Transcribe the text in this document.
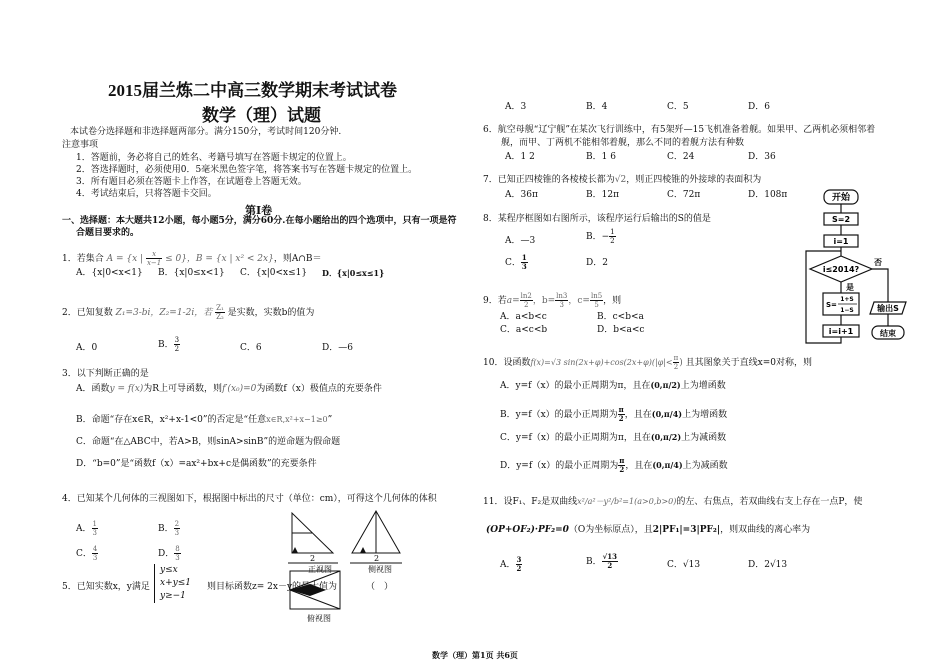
2015届兰炼二中高三数学期末考试试卷
数学（理）试题
本试卷分选择题和非选择题两部分。满分150分，考试时间120分钟.
注意事项
1．答题前，务必将自己的姓名、考籍号填写在答题卡规定的位置上。
2．答选择题时，必须使用0．5毫米黑色签字笔，将答案书写在答题卡规定的位置上。
3．所有题目必须在答题卡上作答，在试题卷上答题无效。
4．考试结束后，只将答题卡交回。
第Ⅰ卷
一、选择题：本大题共12小题，每小题5分，满分60分.在每小题给出的四个选项中，只有一项是符
合题目要求的。
1．若集合 A = {x | $\frac{x}{x-1} \le 0$}，B = {x | x² < 2x}，则A∩B＝
A．{x|0<x<1} B．{x|0≤x<1} C．{x|0<x≤1} D．{x|0≤x≤1}
2．已知复数 Z₁=3-bi，Z₂=1-2i，若 $\frac{\text{Z₁}}{\text{Z₂}}$ 是实数，实数b的值为
A．0	B． $\frac{3}{2}$	C．6	D．—6
3．以下判断正确的是
A．函数y = f(x)为R上可导函数，则f′(x₀)=0为函数f（x）极值点的充要条件
B．命题“存在x∈R，x²+x-1<0”的否定是“任意x∈R,x²+x−1≥0”
C．命题“在△ABC中，若A>B，则sinA>sinB”的逆命题为假命题
D．“b=0”是“函数f（x）=ax²+bx+c是偶函数”的充要条件
4．已知某个几何体的三视图如下，根据图中标出的尺寸（单位：cm），可得这个几何体的体积
A． $\frac{1}{3}$	B． $\frac{2}{3}$
C． $\frac{4}{3}$	D． $\frac{8}{3}$
正视图	侧视图
俯视图
2	2
5．已知实数x，y满足
y≤x
x+y≤1
y≥−1
则目标函数z= 2x－y的最大值为	（　）
A．3	B．4	C．5	D．6
6．航空母舰“辽宁舰”在某次飞行训练中，有5架歼—15飞机准备着舰。如果甲、乙两机必须相邻着
舰，而甲、丁两机不能相邻着舰，那么不同的着舰方法有种数
A．1 2	B．1 6	C．24	D．36
7．已知正四棱锥的各棱棱长都为√2，则正四棱锥的外接球的表面积为
A．36π	B．12π	C．72π	D．108π
8．某程序框图如右图所示，该程序运行后输出的S的值是
A．—3	B．− $\frac{1}{2}$
C． $\frac{1}{3}$	D．2
9．若$a= \frac{\ln 2}{2}$ ，$b= \frac{\ln 3}{3}$ ，$c= \frac{\ln 5}{5}$ ，则
A．a<b<c	B．c<b<a
C．a<c<b	D．b<a<c
10．设函数f(x)=√3 $\sin(2x+\varphi)+\cos(2x+\varphi)(|\varphi|< \frac{\pi}{2}$ ) 且其图象关于直线x=0对称，则
A．y=f（x）的最小正周期为π，且在(0,π/2)上为增函数
B．y=f（x）的最小正周期为 $\frac{\pi}{2}$ ，且在(0,π/4)上为增函数
C．y=f（x）的最小正周期为π，且在(0,π/2)上为减函数
D．y=f（x）的最小正周期为 $\frac{\pi}{2}$ ，且在(0,π/4)上为减函数
11．设F₁、F₂是双曲线x²/a²－y²/b²=1(a>0,b>0)的左、右焦点，若双曲线右支上存在一点P，使
(OP+OF₂)·PF₂=0（O为坐标原点），且2|PF₁|=3|PF₂|，则双曲线的离心率为
A． $\frac{3}{2}$	B． $\frac{√13}{2}$	C．√13	D．2√13
开始
S=2
i=1
i≤2014?
是
否
S=
1+S
1−S
i=i+1
输出S
结束
数学（理）第1页 共6页
